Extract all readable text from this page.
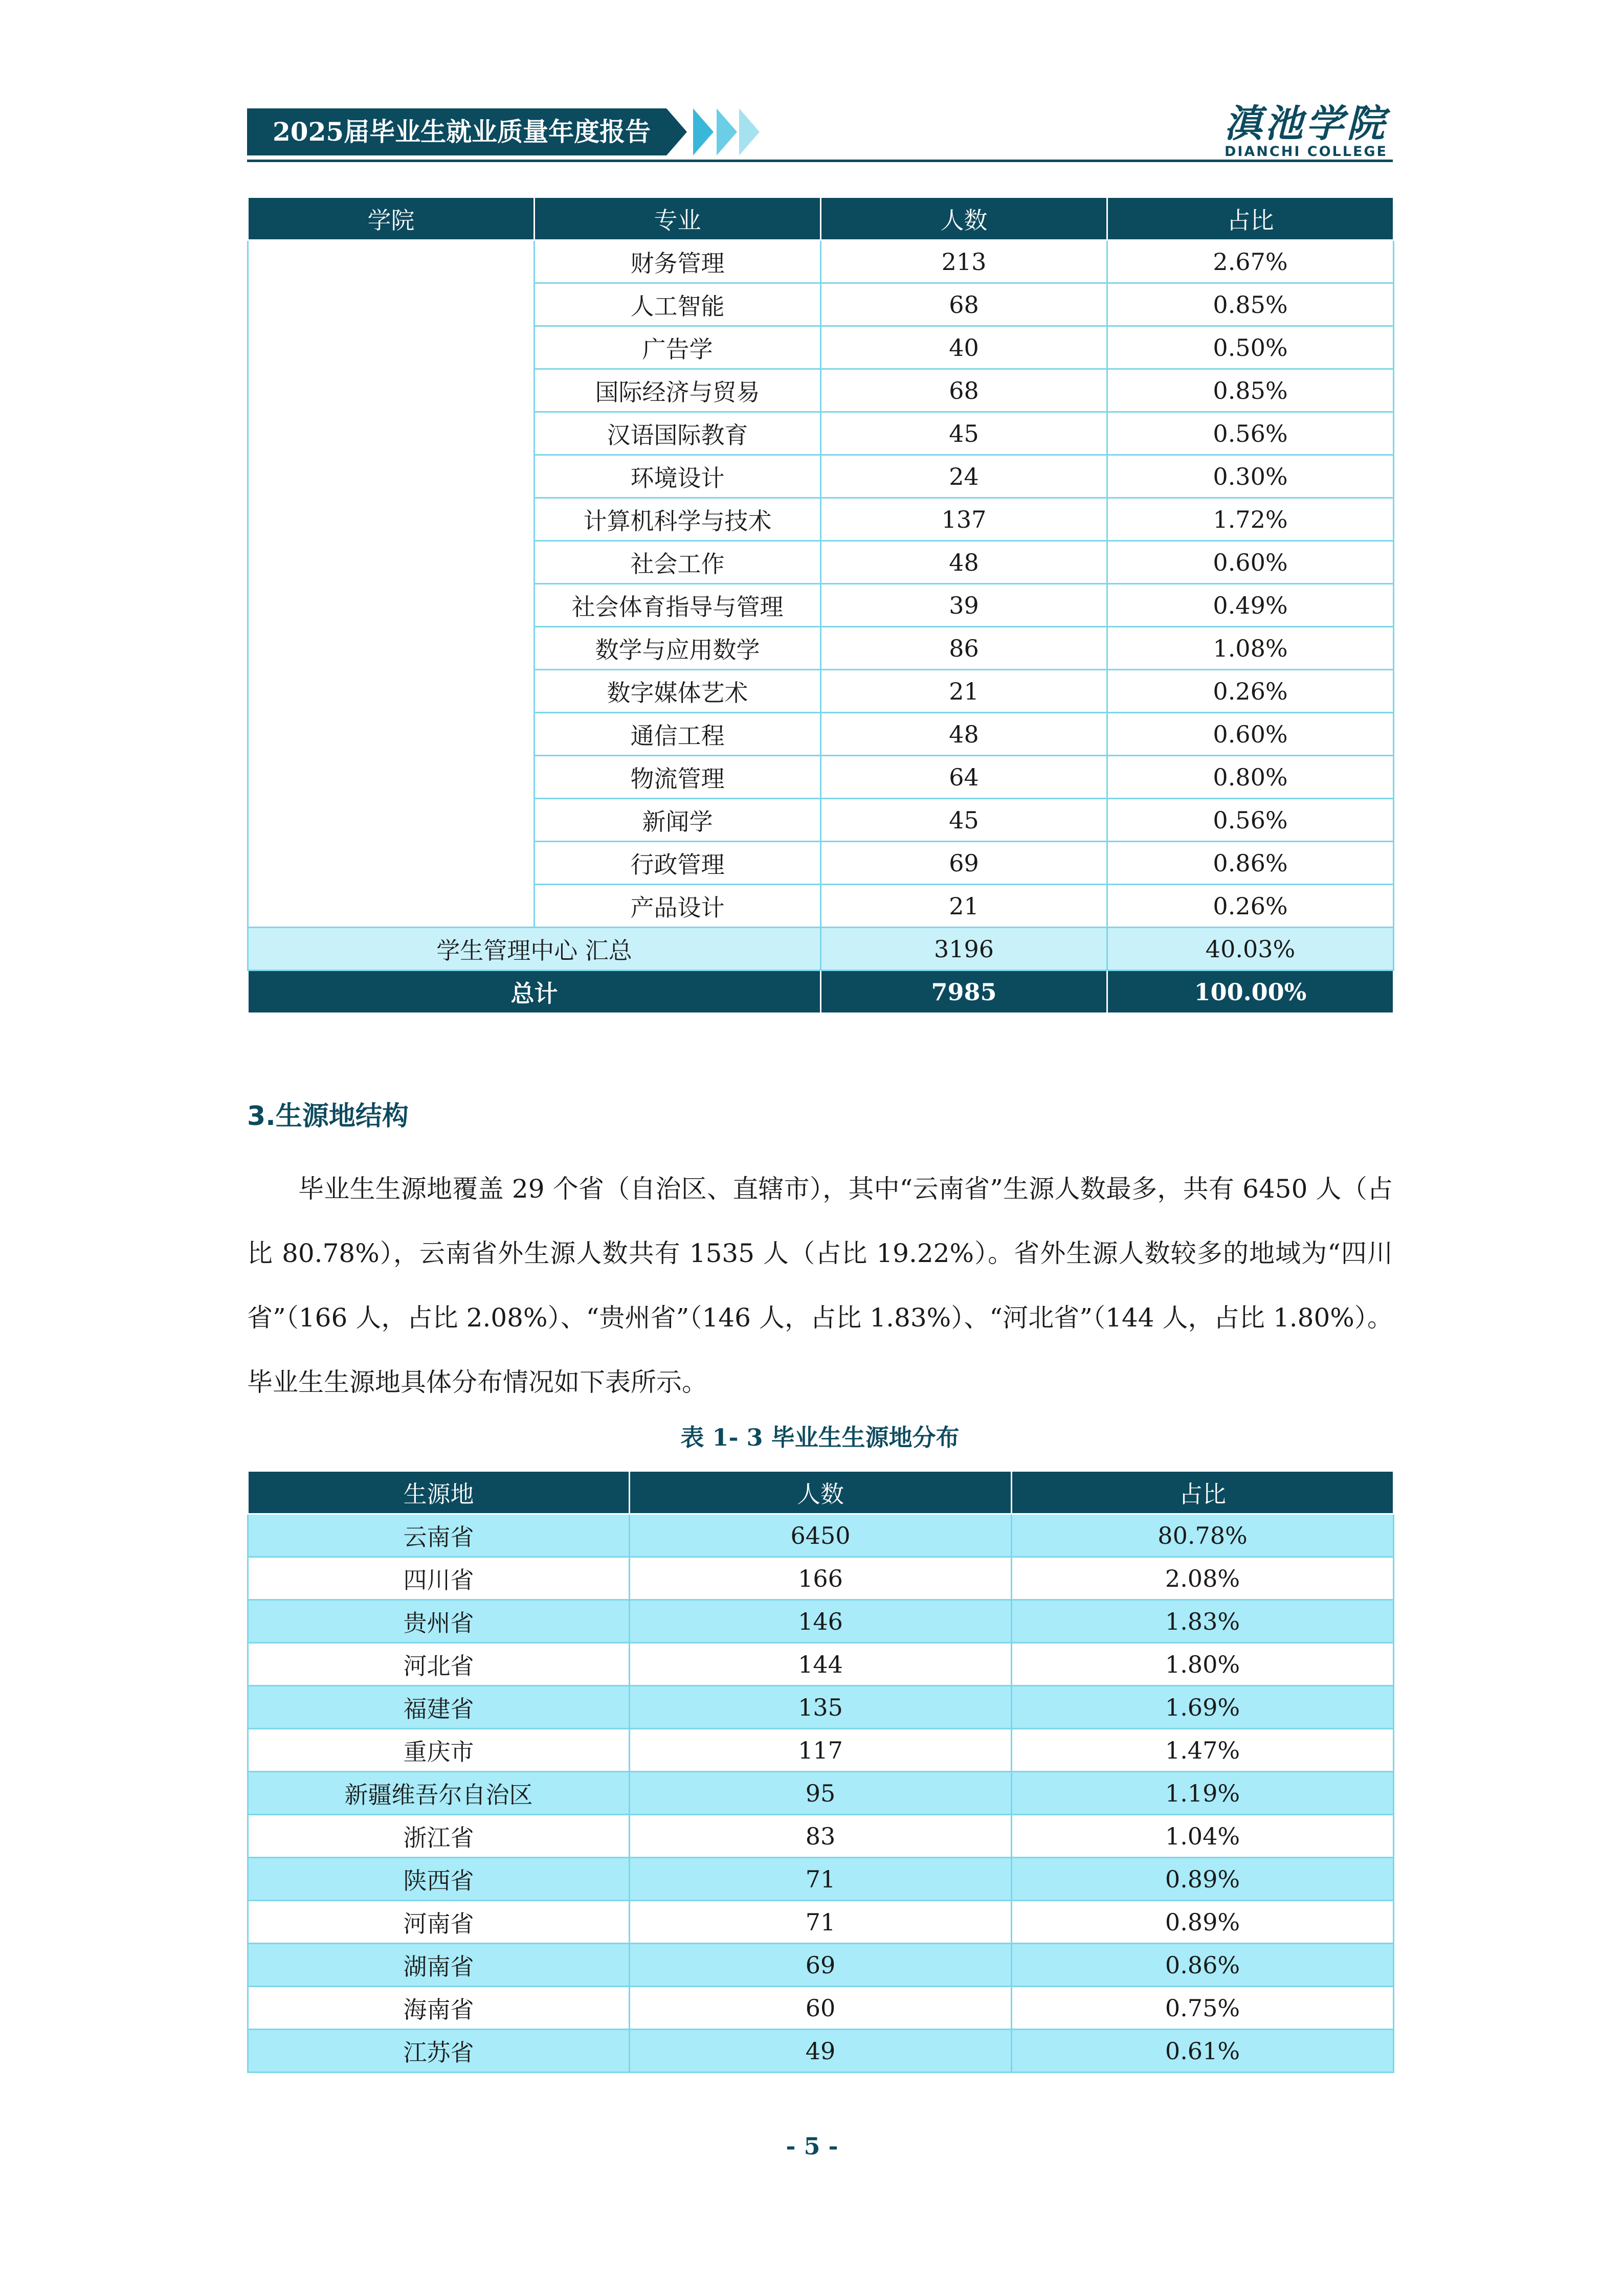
2025届毕业生就业质量年度报告	滇池学院
DIANCHI COLLEGE
学院	专业	人数	占比
	财务管理	213	2.67%
	人工智能	68	0.85%
	广告学	40	0.50%
	国际经济与贸易	68	0.85%
	汉语国际教育	45	0.56%
	环境设计	24	0.30%
	计算机科学与技术	137	1.72%
	社会工作	48	0.60%
	社会体育指导与管理	39	0.49%
	数学与应用数学	86	1.08%
	数字媒体艺术	21	0.26%
	通信工程	48	0.60%
	物流管理	64	0.80%
	新闻学	45	0.56%
	行政管理	69	0.86%
	产品设计	21	0.26%
学生管理中心 汇总		3196	40.03%
总计		7985	100.00%
3.生源地结构
毕业生生源地覆盖 29 个省（自治区、直辖市），其中“云南省”生源人数最多，共有 6450 人（占比 80.78%），云南省外生源人数共有 1535 人（占比 19.22%）。省外生源人数较多的地域为“四川省”（166 人，占比 2.08%）、“贵州省”（146 人，占比 1.83%）、“河北省”（144 人，占比 1.80%）。毕业生生源地具体分布情况如下表所示。
表 1- 3 毕业生生源地分布
生源地	人数	占比
云南省	6450	80.78%
四川省	166	2.08%
贵州省	146	1.83%
河北省	144	1.80%
福建省	135	1.69%
重庆市	117	1.47%
新疆维吾尔自治区	95	1.19%
浙江省	83	1.04%
陕西省	71	0.89%
河南省	71	0.89%
湖南省	69	0.86%
海南省	60	0.75%
江苏省	49	0.61%
- 5 -
